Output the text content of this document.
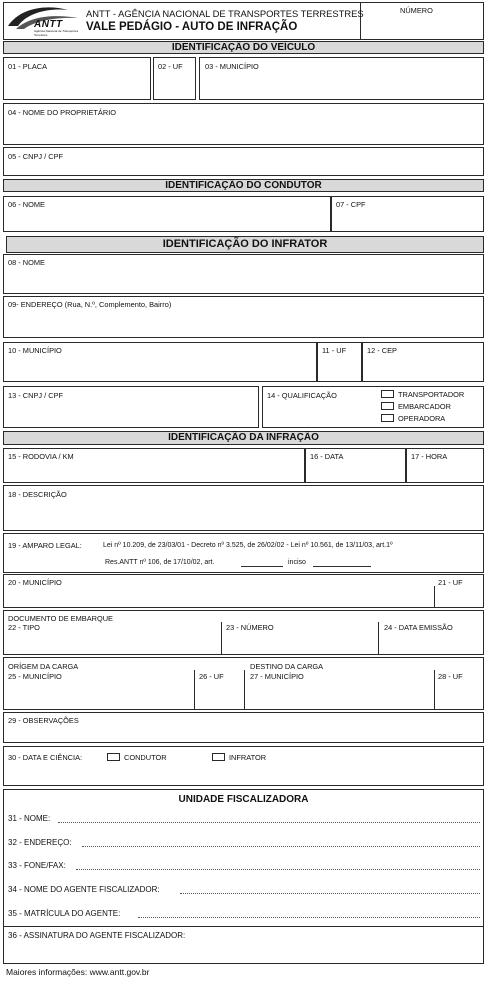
ANTT
Agência Nacional de Transportes Terrestres
ANTT - AGÊNCIA NACIONAL DE TRANSPORTES TERRESTRES
VALE PEDÁGIO - AUTO DE INFRAÇÃO
NÚMERO
IDENTIFICAÇÃO DO VEÍCULO
01 - PLACA	02 - UF	03 - MUNICÍPIO
04 - NOME DO PROPRIETÁRIO
05 - CNPJ / CPF
IDENTIFICAÇÃO DO CONDUTOR
06 - NOME	07 - CPF
IDENTIFICAÇÃO DO INFRATOR
08 - NOME
09- ENDEREÇO (Rua, N.º, Complemento, Bairro)
10 - MUNICÍPIO	11 - UF	12 - CEP
13 - CNPJ / CPF	14 - QUALIFICAÇÃO	TRANSPORTADOR
EMBARCADOR
OPERADORA
IDENTIFICAÇÃO DA INFRAÇÃO
15 - RODOVIA / KM	16 - DATA	17 - HORA
18 - DESCRIÇÃO
19 - AMPARO LEGAL:	Lei nº 10.209, de 23/03/01 - Decreto nº 3.525, de 26/02/02 - Lei nº 10.561, de 13/11/03, art.1º
Res.ANTT nº 106, de 17/10/02, art.	inciso
20 - MUNICÍPIO	21 - UF
DOCUMENTO DE EMBARQUE
22 - TIPO	23 - NÚMERO	24 - DATA EMISSÃO
ORÍGEM DA CARGA
25 - MUNICÍPIO	26 - UF
DESTINO DA CARGA
27 - MUNICÍPIO	28 - UF
29 - OBSERVAÇÕES
30 - DATA E CIÊNCIA:	CONDUTOR	INFRATOR
UNIDADE FISCALIZADORA
31 - NOME:
32 - ENDEREÇO:
33 - FONE/FAX:
34 - NOME DO AGENTE FISCALIZADOR:
35 - MATRÍCULA DO AGENTE:
36 - ASSINATURA DO AGENTE FISCALIZADOR:
Maiores informações: www.antt.gov.br
